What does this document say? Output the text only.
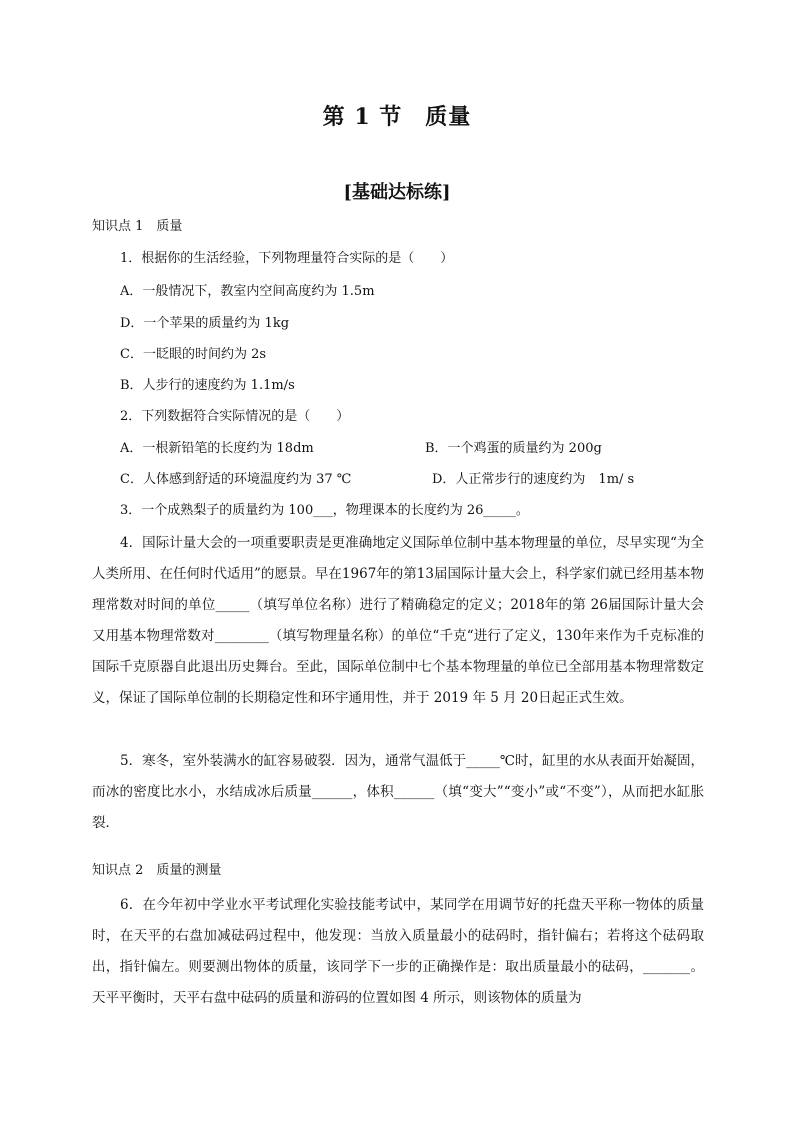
第 1 节　质量
[基础达标练]
知识点 1　质量
1．根据你的生活经验，下列物理量符合实际的是（　　）
A．一般情况下，教室内空间高度约为 1.5m
D．一个苹果的质量约为 1kg
C．一眨眼的时间约为 2s
B．人步行的速度约为 1.1m/s
2．下列数据符合实际情况的是（　　）
A．一根新铅笔的长度约为 18dm	B．一个鸡蛋的质量约为 200g
C．人体感到舒适的环境温度约为 37 ℃	D．人正常步行的速度约为　1m/ s
3．一个成熟梨子的质量约为 100___，物理课本的长度约为 26_____。
4．国际计量大会的一项重要职责是更准确地定义国际单位制中基本物理量的单位，尽早实现“为全人类所用、在任何时代适用”的愿景。早在1967年的第13届国际计量大会上，科学家们就已经用基本物理常数对时间的单位_____（填写单位名称）进行了精确稳定的定义；2018年的第 26届国际计量大会又用基本物理常数对________（填写物理量名称）的单位“千克“进行了定义，130年来作为千克标准的国际千克原器自此退出历史舞台。至此，国际单位制中七个基本物理量的单位已全部用基本物理常数定义，保证了国际单位制的长期稳定性和环宇通用性，并于 2019 年 5 月 20日起正式生效。
5．寒冬，室外装满水的缸容易破裂．因为，通常气温低于_____℃时，缸里的水从表面开始凝固，而冰的密度比水小，水结成冰后质量______，体积______（填“变大”“变小”或“不变”），从而把水缸胀裂．
知识点 2　质量的测量
6．在今年初中学业水平考试理化实验技能考试中，某同学在用调节好的托盘天平称一物体的质量时，在天平的右盘加减砝码过程中，他发现：当放入质量最小的砝码时，指针偏右；若将这个砝码取出，指针偏左。则要测出物体的质量，该同学下一步的正确操作是：取出质量最小的砝码，_______。天平平衡时，天平右盘中砝码的质量和游码的位置如图 4 所示，则该物体的质量为
